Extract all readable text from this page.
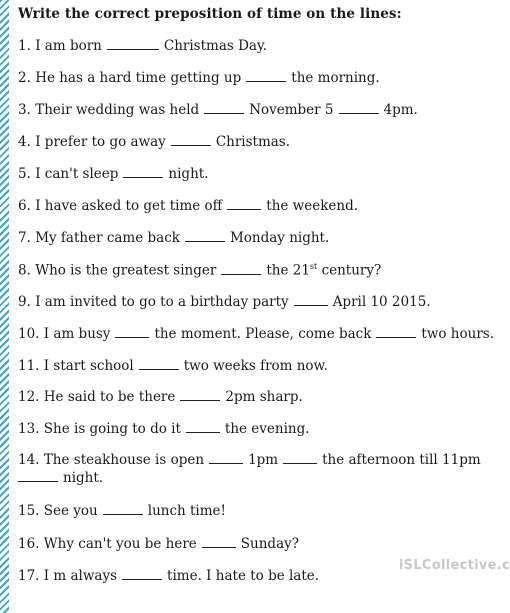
Write the correct preposition of time on the lines:
1. I am born	Christmas Day.
2. He has a hard time getting up	the morning.
3. Their wedding was held	November 5	4pm.
4. I prefer to go away	Christmas.
5. I can't sleep	night.
6. I have asked to get time off	the weekend.
7. My father came back	Monday night.
8. Who is the greatest singer	the 21st century?
9. I am invited to go to a birthday party	April 10 2015.
10. I am busy	the moment. Please, come back	two hours.
11. I start school	two weeks from now.
12. He said to be there	2pm sharp.
13. She is going to do it	the evening.
14. The steakhouse is open	1pm	the afternoon till 11pm
night.
15. See you	lunch time!
16. Why can't you be here	Sunday?
17. I m always	time. I hate to be late.
iSLCollective.c
